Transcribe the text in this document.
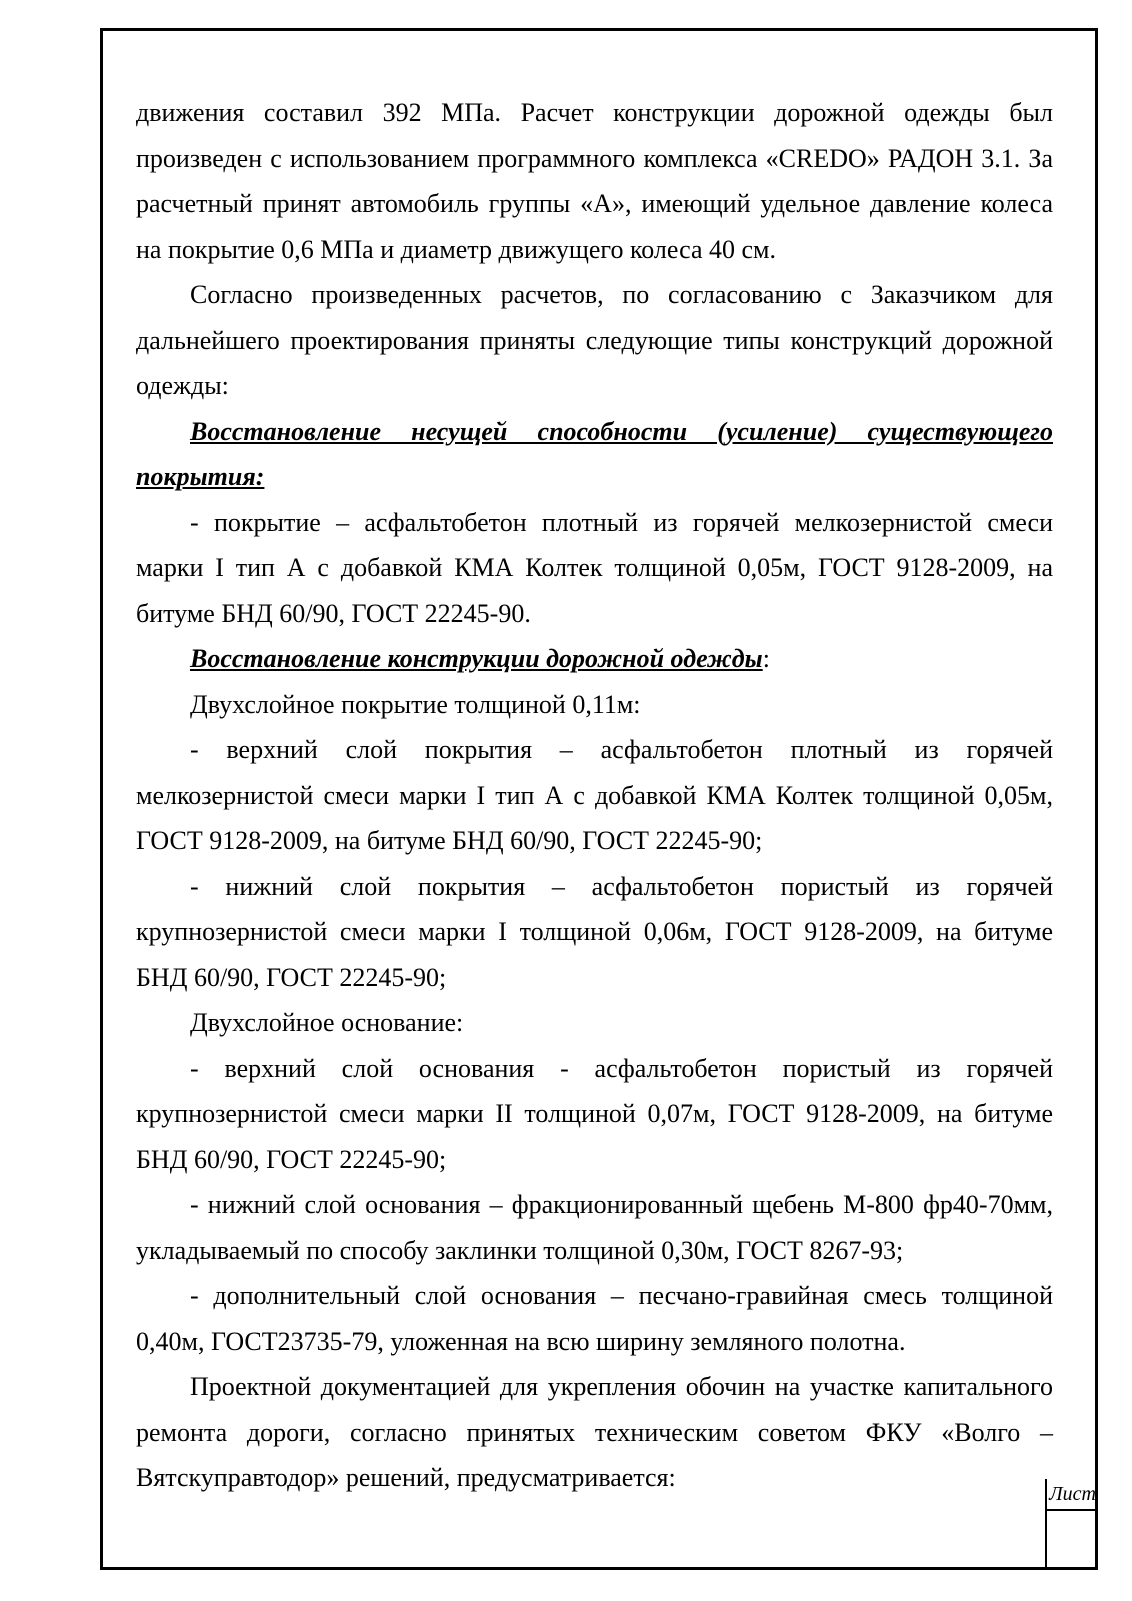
движения составил 392 МПа. Расчет конструкции дорожной одежды был произведен с использованием программного комплекса «CREDO» РАДОН 3.1. За расчетный принят автомобиль группы «А», имеющий удельное давление колеса на покрытие 0,6 МПа и диаметр движущего колеса 40 см.

Согласно произведенных расчетов, по согласованию с Заказчиком для дальнейшего проектирования приняты следующие типы конструкций дорожной одежды:

Восстановление несущей способности (усиление) существующего покрытия:

- покрытие – асфальтобетон плотный из горячей мелкозернистой смеси марки I тип А с добавкой КМА Колтек толщиной 0,05м, ГОСТ 9128-2009, на битуме БНД 60/90, ГОСТ 22245-90.

Восстановление конструкции дорожной одежды:

Двухслойное покрытие толщиной 0,11м:

- верхний слой покрытия – асфальтобетон плотный из горячей мелкозернистой смеси марки I тип А с добавкой КМА Колтек толщиной 0,05м, ГОСТ 9128-2009, на битуме БНД 60/90, ГОСТ 22245-90;

- нижний слой покрытия – асфальтобетон пористый из горячей крупнозернистой смеси марки I толщиной 0,06м, ГОСТ 9128-2009, на битуме БНД 60/90, ГОСТ 22245-90;

Двухслойное основание:

- верхний слой основания - асфальтобетон пористый из горячей крупнозернистой смеси марки II толщиной 0,07м, ГОСТ 9128-2009, на битуме БНД 60/90, ГОСТ 22245-90;

- нижний слой основания – фракционированный щебень М-800 фр40-70мм, укладываемый по способу заклинки толщиной 0,30м, ГОСТ 8267-93;

- дополнительный слой основания – песчано-гравийная смесь толщиной 0,40м, ГОСТ23735-79, уложенная на всю ширину земляного полотна.

Проектной документацией для укрепления обочин на участке капитального ремонта дороги, согласно принятых техническим советом ФКУ «Волго – Вятскуправтодор» решений, предусматривается:

Лист
